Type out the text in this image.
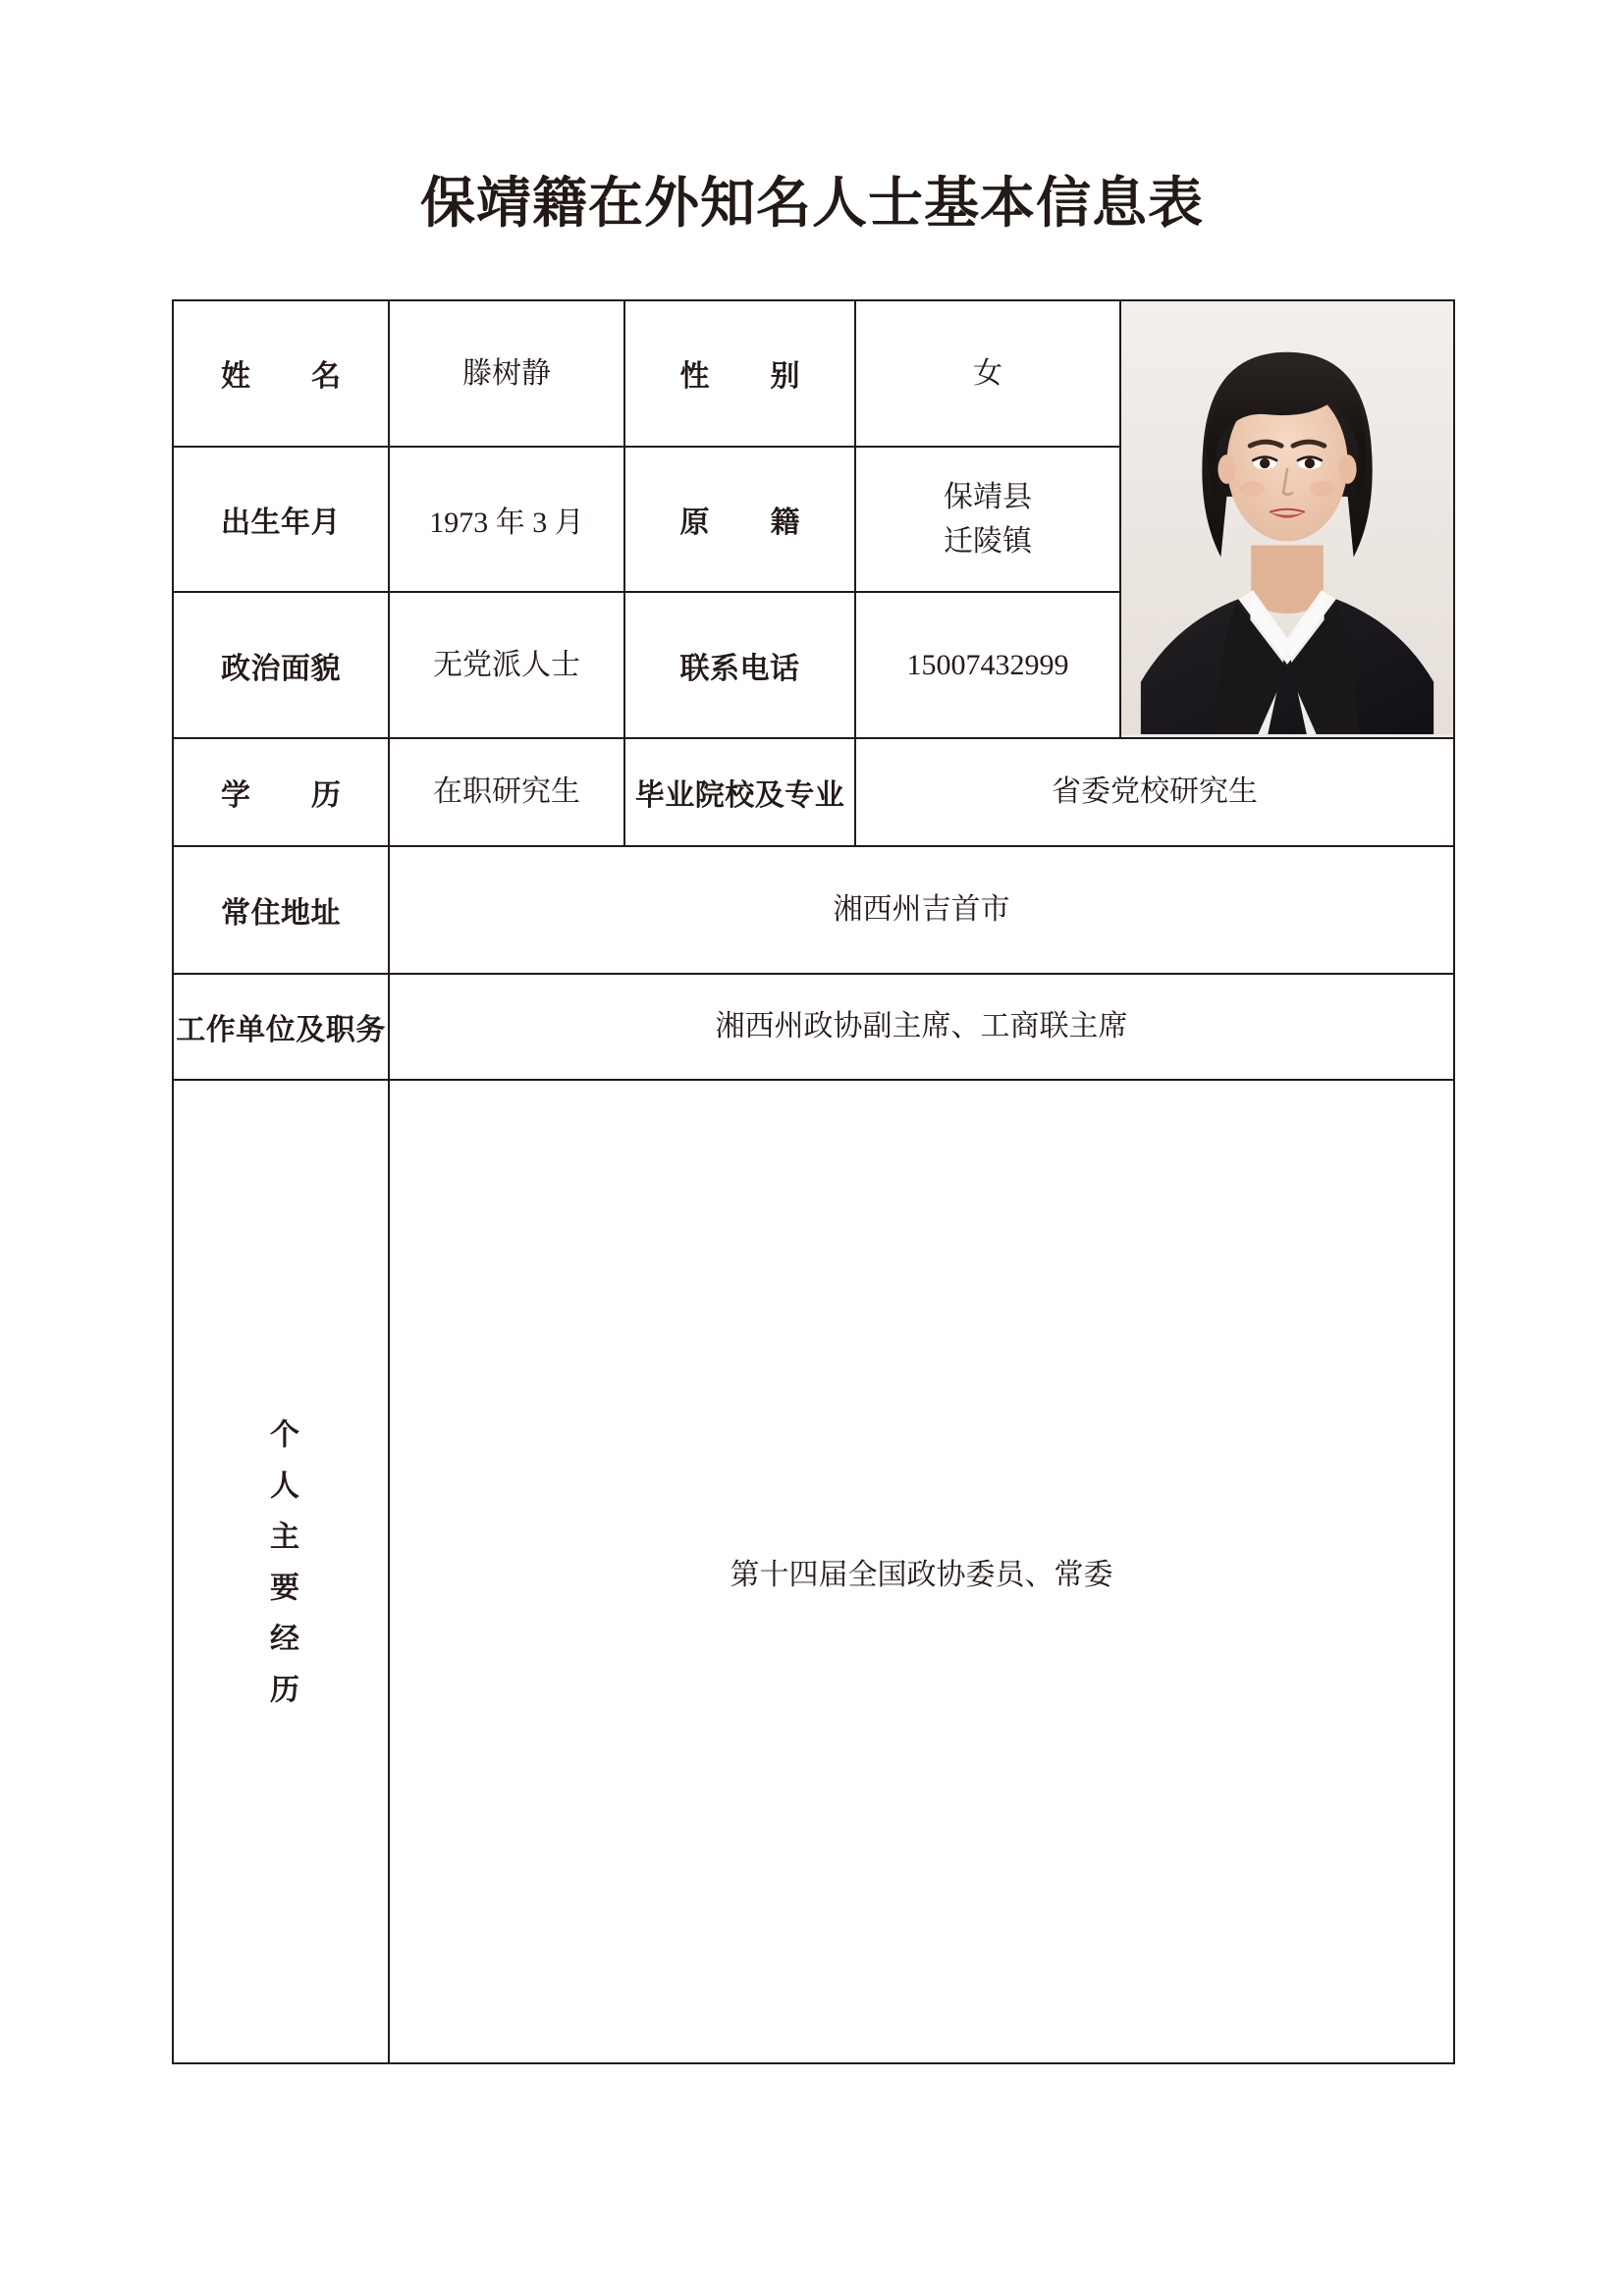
保靖籍在外知名人士基本信息表
姓　名	滕树静	性　别	女	

出生年月	1973 年 3 月	原　籍	保靖县
迁陵镇	

政治面貌	无党派人士	联系电话	15007432999	
学　历	在职研究生	毕业院校及专业	省委党校研究生	
常住地址	湘西州吉首市			
工作单位及职务	湘西州政协副主席、工商联主席			

个人主要经历	第十四届全国政协委员、常委			
